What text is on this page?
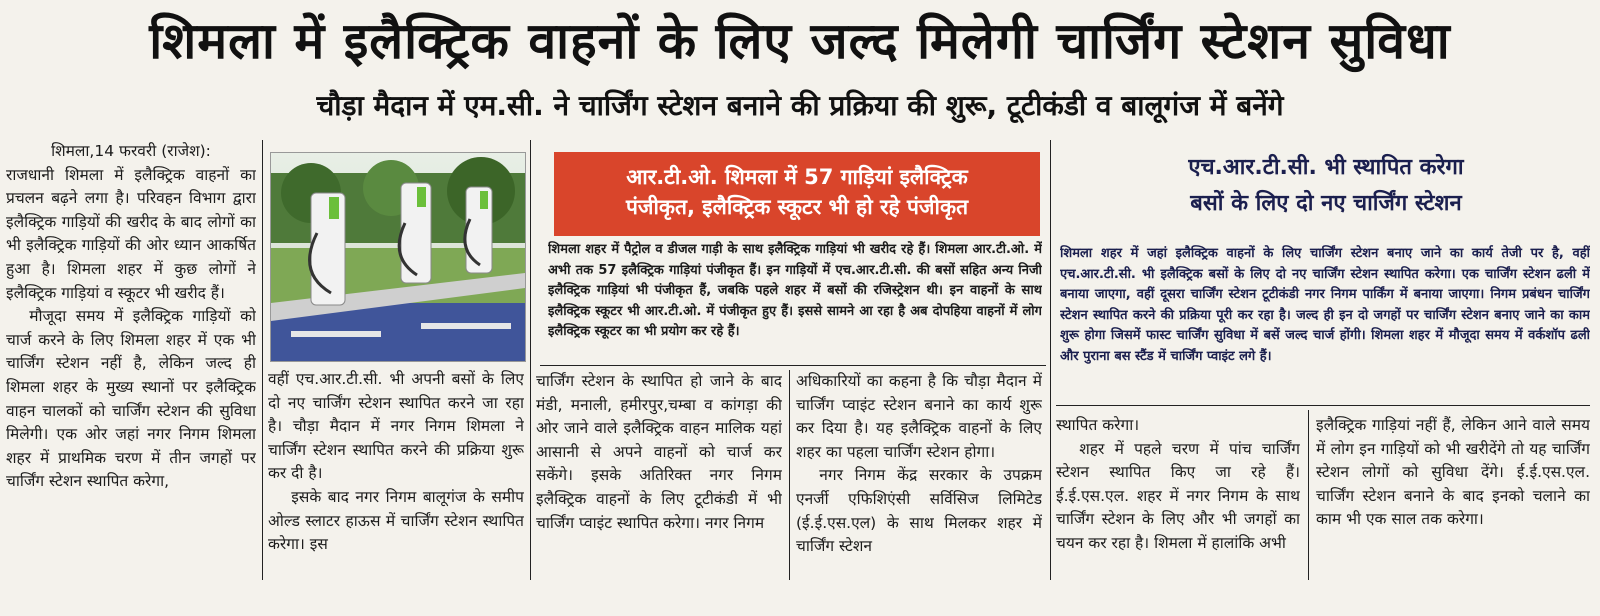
शिमला में इलैक्ट्रिक वाहनों के लिए जल्द मिलेगी चार्जिंग स्टेशन सुविधा
चौड़ा मैदान में एम.सी. ने चार्जिंग स्टेशन बनाने की प्रक्रिया की शुरू, टूटीकंडी व बालूगंज में बनेंगे

शिमला,14 फरवरी (राजेश):

राजधानी शिमला में इलैक्ट्रिक वाहनों का प्रचलन बढ़ने लगा है। परिवहन विभाग द्वारा इलैक्ट्रिक गाड़ियों की खरीद के बाद लोगों का भी इलैक्ट्रिक गाड़ियों की ओर ध्यान आकर्षित हुआ है। शिमला शहर में कुछ लोगों ने इलैक्ट्रिक गाड़ियां व स्कूटर भी खरीद हैं।

मौजूदा समय में इलैक्ट्रिक गाड़ियों को चार्ज करने के लिए शिमला शहर में एक भी चार्जिंग स्टेशन नहीं है, लेकिन जल्द ही शिमला शहर के मुख्य स्थानों पर इलैक्ट्रिक वाहन चालकों को चार्जिंग स्टेशन की सुविधा मिलेगी। एक ओर जहां नगर निगम शिमला शहर में प्राथमिक चरण में तीन जगहों पर चार्जिंग स्टेशन स्थापित करेगा,

वहीं एच.आर.टी.सी. भी अपनी बसों के लिए दो नए चार्जिंग स्टेशन स्थापित करने जा रहा है। चौड़ा मैदान में नगर निगम शिमला ने चार्जिंग स्टेशन स्थापित करने की प्रक्रिया शुरू कर दी है।

इसके बाद नगर निगम बालूगंज के समीप ओल्ड स्लाटर हाऊस में चार्जिंग स्टेशन स्थापित करेगा। इस

आर.टी.ओ. शिमला में 57 गाड़ियां इलैक्ट्रिक
पंजीकृत, इलैक्ट्रिक स्कूटर भी हो रहे पंजीकृत
शिमला शहर में पैट्रोल व डीजल गाड़ी के साथ इलैक्ट्रिक गाड़ियां भी खरीद रहे हैं। शिमला आर.टी.ओ. में अभी तक 57 इलैक्ट्रिक गाड़ियां पंजीकृत हैं। इन गाड़ियों में एच.आर.टी.सी. की बसों सहित अन्य निजी इलैक्ट्रिक गाड़ियां भी पंजीकृत हैं, जबकि पहले शहर में बसों की रजिस्ट्रेशन थी। इन वाहनों के साथ इलैक्ट्रिक स्कूटर भी आर.टी.ओ. में पंजीकृत हुए हैं। इससे सामने आ रहा है अब दोपहिया वाहनों में लोग इलैक्ट्रिक स्कूटर का भी प्रयोग कर रहे हैं।

चार्जिंग स्टेशन के स्थापित हो जाने के बाद मंडी, मनाली, हमीरपुर,चम्बा व कांगड़ा की ओर जाने वाले इलैक्ट्रिक वाहन मालिक यहां आसानी से अपने वाहनों को चार्ज कर सकेंगे। इसके अतिरिक्त नगर निगम इलैक्ट्रिक वाहनों के लिए टूटीकंडी में भी चार्जिंग प्वाइंट स्थापित करेगा। नगर निगम

अधिकारियों का कहना है कि चौड़ा मैदान में चार्जिंग प्वाइंट स्टेशन बनाने का कार्य शुरू कर दिया है। यह इलैक्ट्रिक वाहनों के लिए शहर का पहला चार्जिंग स्टेशन होगा।

नगर निगम केंद्र सरकार के उपक्रम एनर्जी एफिशिएंसी सर्विसिज लिमिटेड (ई.ई.एस.एल) के साथ मिलकर शहर में चार्जिंग स्टेशन

एच.आर.टी.सी. भी स्थापित करेगा
बसों के लिए दो नए चार्जिंग स्टेशन
शिमला शहर में जहां इलैक्ट्रिक वाहनों के लिए चार्जिंग स्टेशन बनाए जाने का कार्य तेजी पर है, वहीं एच.आर.टी.सी. भी इलैक्ट्रिक बसों के लिए दो नए चार्जिंग स्टेशन स्थापित करेगा। एक चार्जिंग स्टेशन ढली में बनाया जाएगा, वहीं दूसरा चार्जिंग स्टेशन टूटीकंडी नगर निगम पार्किंग में बनाया जाएगा। निगम प्रबंधन चार्जिंग स्टेशन स्थापित करने की प्रक्रिया पूरी कर रहा है। जल्द ही इन दो जगहों पर चार्जिंग स्टेशन बनाए जाने का काम शुरू होगा जिसमें फास्ट चार्जिंग सुविधा में बसें जल्द चार्ज होंगी। शिमला शहर में मौजूदा समय में वर्कशॉप ढली और पुराना बस स्टैंड में चार्जिंग प्वाइंट लगे हैं।

स्थापित करेगा।

शहर में पहले चरण में पांच चार्जिंग स्टेशन स्थापित किए जा रहे हैं। ई.ई.एस.एल. शहर में नगर निगम के साथ चार्जिंग स्टेशन के लिए और भी जगहों का चयन कर रहा है। शिमला में हालांकि अभी

इलैक्ट्रिक गाड़ियां नहीं हैं, लेकिन आने वाले समय में लोग इन गाड़ियों को भी खरीदेंगे तो यह चार्जिंग स्टेशन लोगों को सुविधा देंगे। ई.ई.एस.एल. चार्जिंग स्टेशन बनाने के बाद इनको चलाने का काम भी एक साल तक करेगा।
